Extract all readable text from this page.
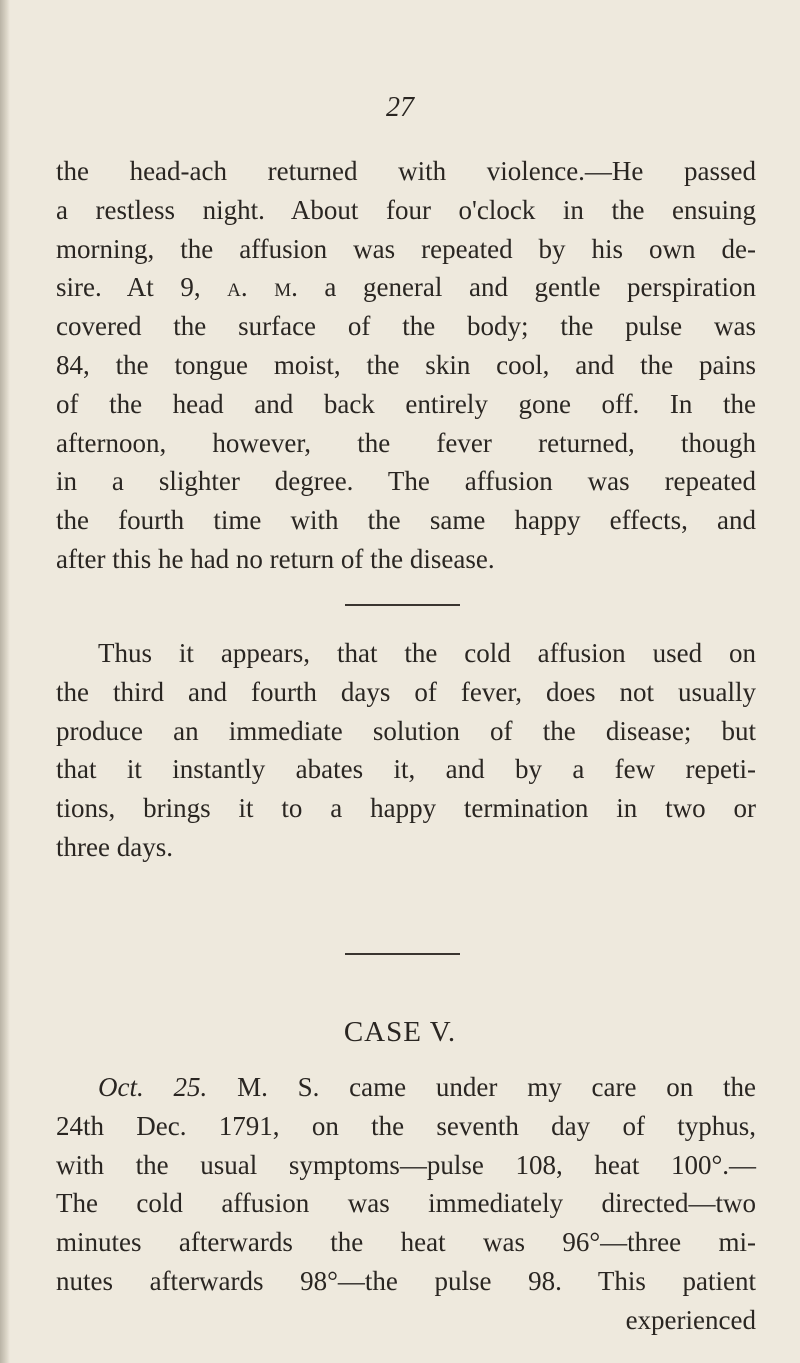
27
the head-ach returned with violence.—He passed
a restless night. About four o'clock in the ensuing
morning, the affusion was repeated by his own de-
sire. At 9, a. m. a general and gentle perspiration
covered the surface of the body; the pulse was
84, the tongue moist, the skin cool, and the pains
of the head and back entirely gone off. In the
afternoon, however, the fever returned, though
in a slighter degree. The affusion was repeated
the fourth time with the same happy effects, and
after this he had no return of the disease.
Thus it appears, that the cold affusion used on
the third and fourth days of fever, does not usually
produce an immediate solution of the disease; but
that it instantly abates it, and by a few repeti-
tions, brings it to a happy termination in two or
three days.
CASE V.
Oct. 25. M. S. came under my care on the
24th Dec. 1791, on the seventh day of typhus,
with the usual symptoms—pulse 108, heat 100°.—
The cold affusion was immediately directed—two
minutes afterwards the heat was 96°—three mi-
nutes afterwards 98°—the pulse 98. This patient
experienced
